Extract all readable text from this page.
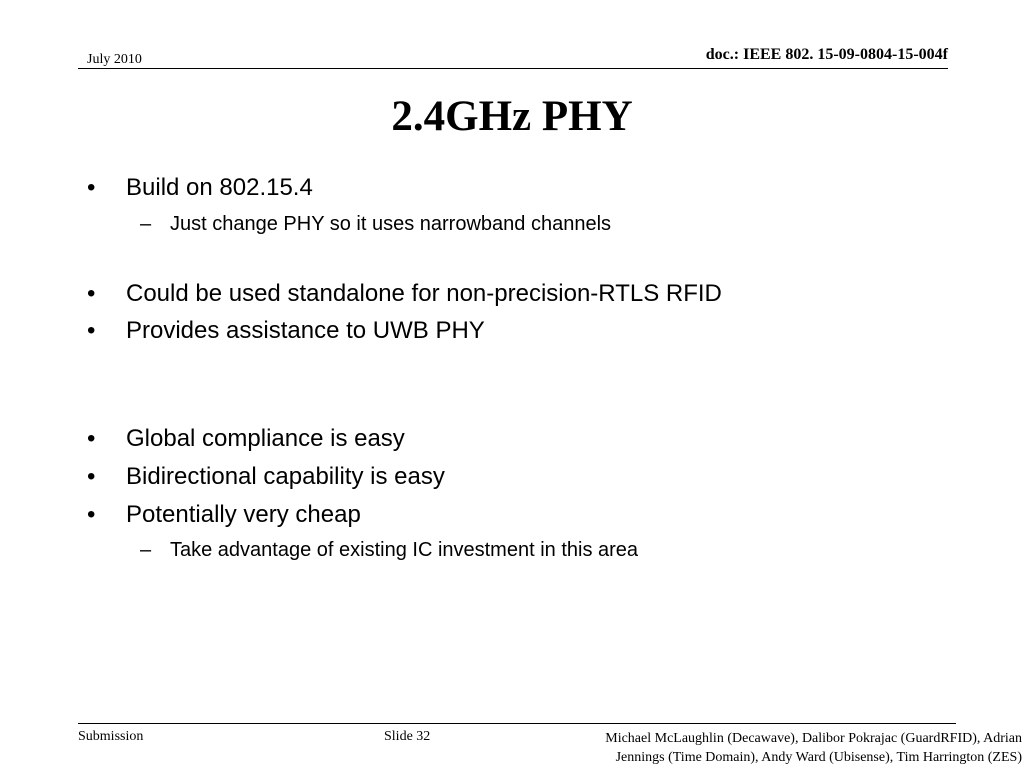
July 2010	doc.: IEEE 802. 15-09-0804-15-004f
2.4GHz PHY
• Build on 802.15.4
– Just change PHY so it uses narrowband channels
• Could be used standalone for non-precision-RTLS RFID
• Provides assistance to UWB PHY
• Global compliance is easy
• Bidirectional capability is easy
• Potentially very cheap
– Take advantage of existing IC investment in this area
Submission	Slide 32	Michael McLaughlin (Decawave), Dalibor Pokrajac (GuardRFID), Adrian
Jennings (Time Domain), Andy Ward (Ubisense), Tim Harrington (ZES)
